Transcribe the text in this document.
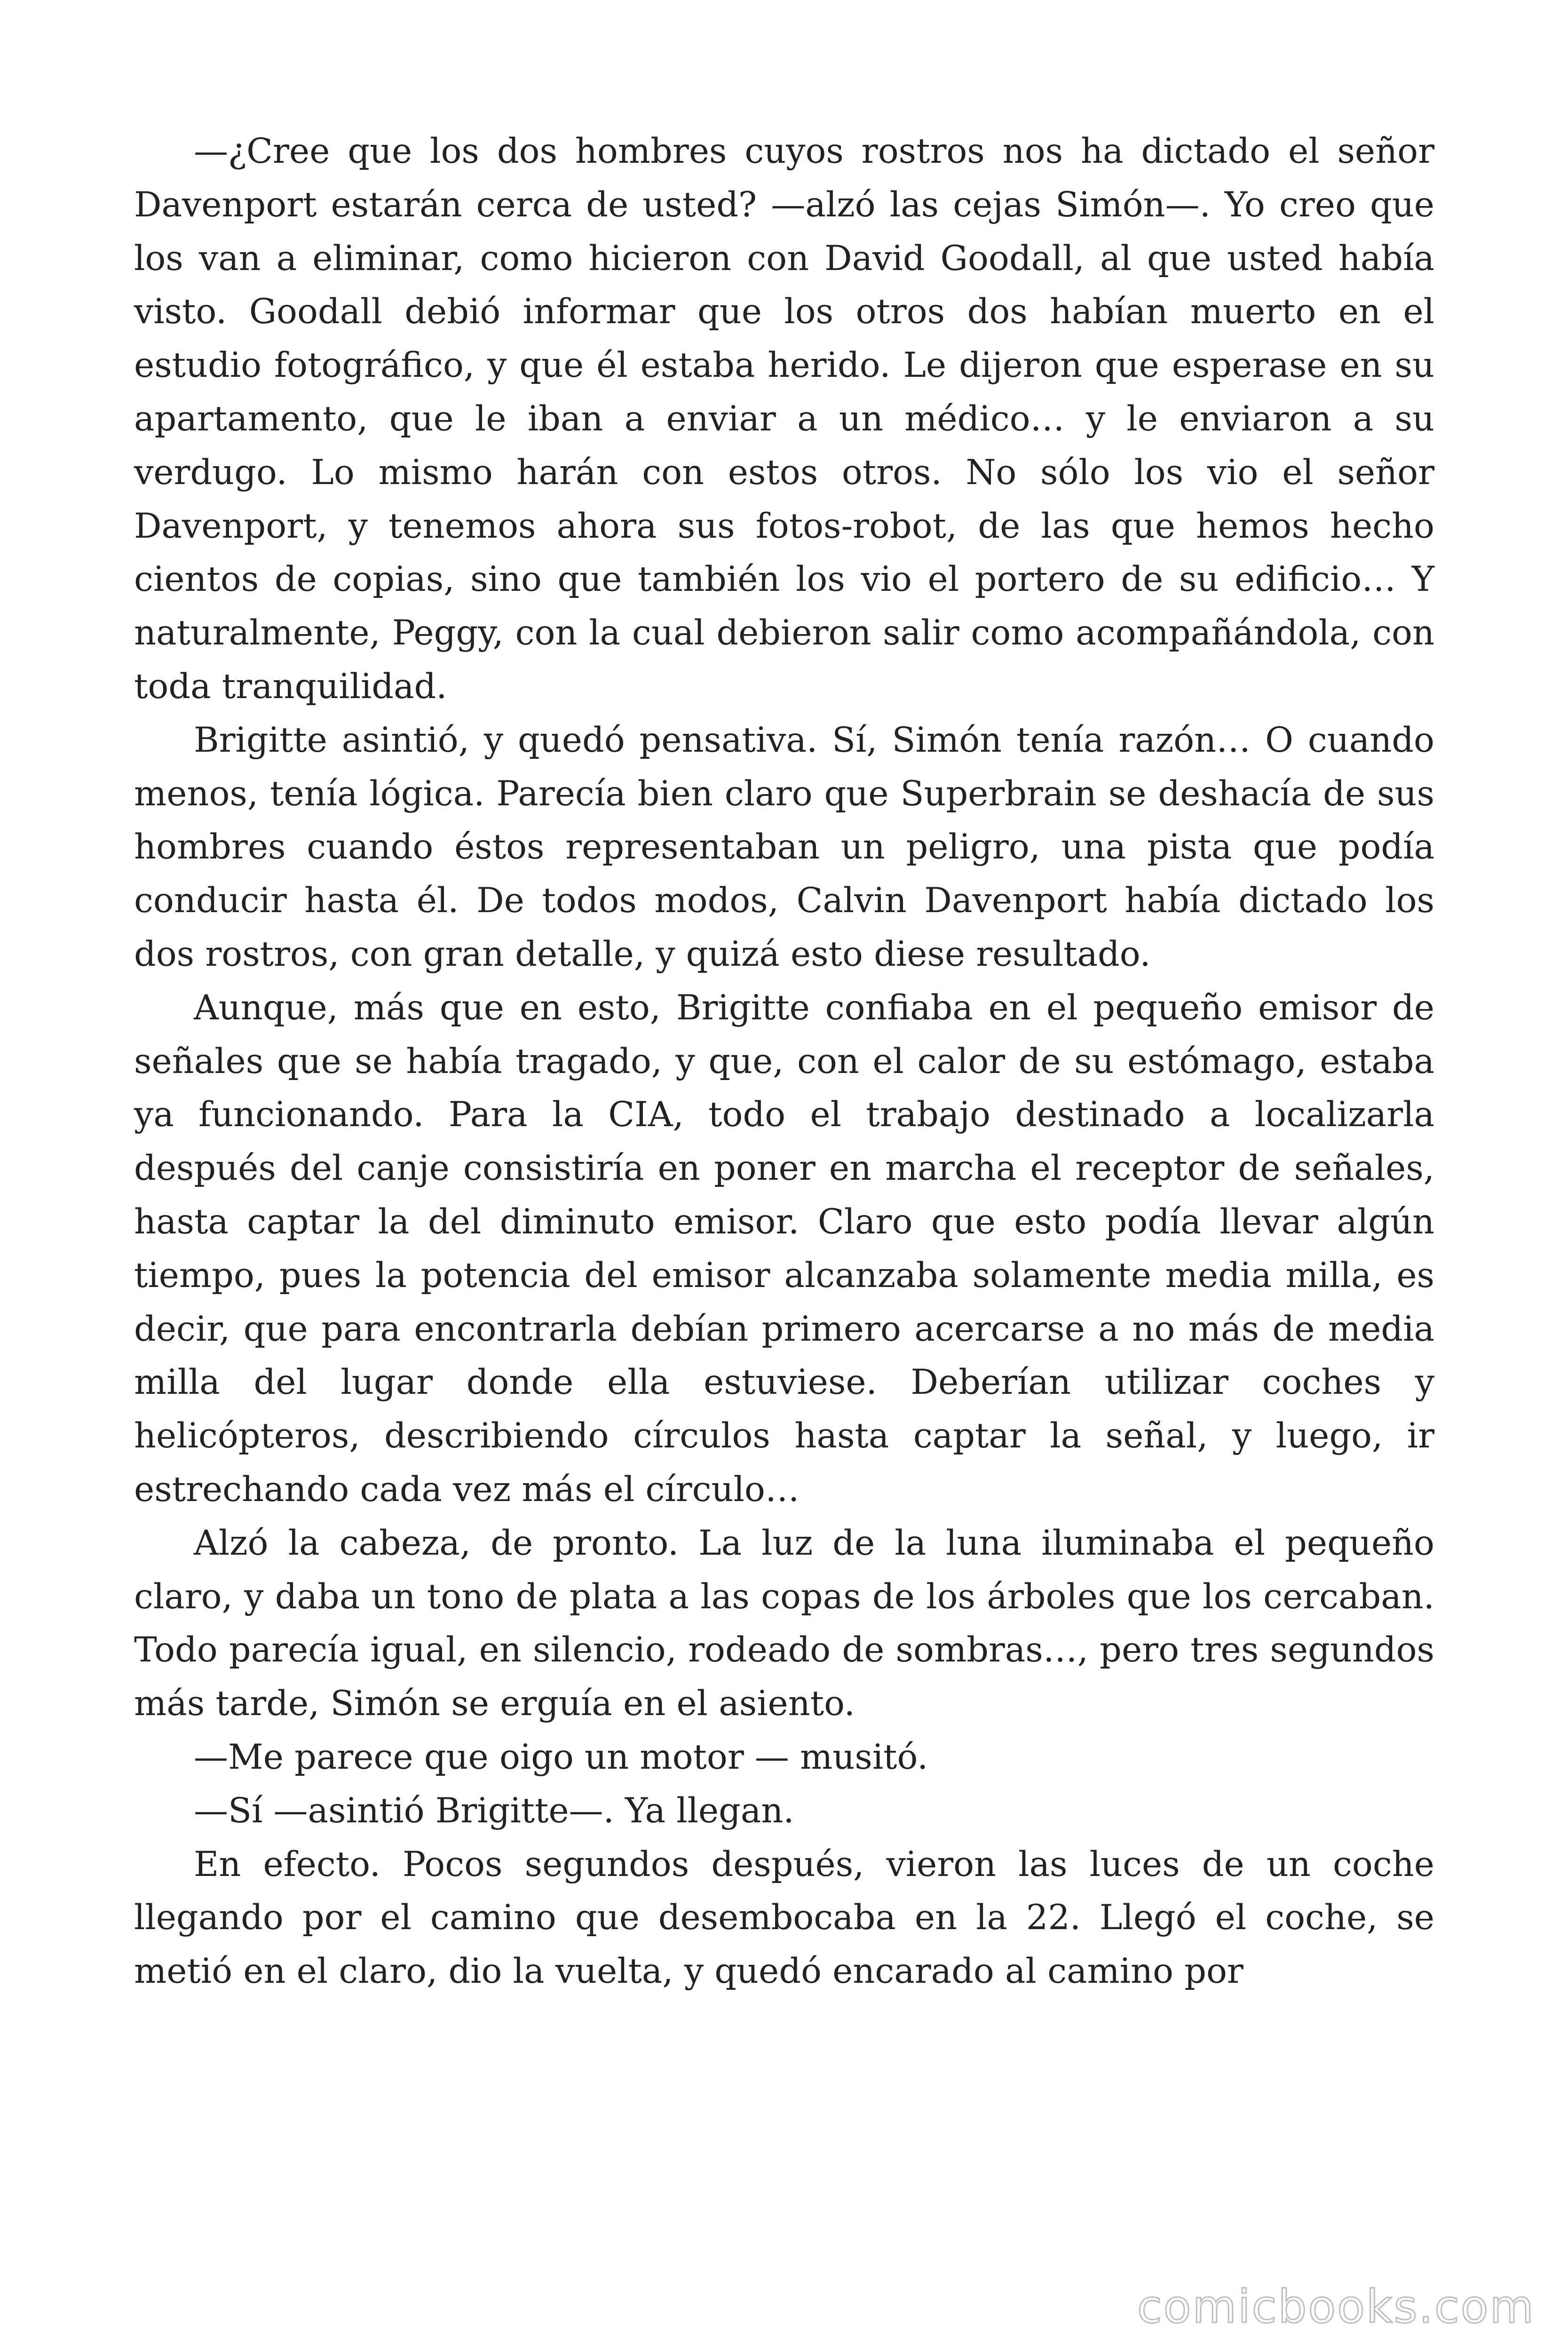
—¿Cree que los dos hombres cuyos rostros nos ha dictado el señor Davenport estarán cerca de usted? —alzó las cejas Simón—. Yo creo que los van a eliminar, como hicieron con David Goodall, al que usted había visto. Goodall debió informar que los otros dos habían muerto en el estudio fotográfico, y que él estaba herido. Le dijeron que esperase en su apartamento, que le iban a enviar a un médico… y le enviaron a su verdugo. Lo mismo harán con estos otros. No sólo los vio el señor Davenport, y tenemos ahora sus fotos-robot, de las que hemos hecho cientos de copias, sino que también los vio el portero de su edificio… Y naturalmente, Peggy, con la cual debieron salir como acompañándola, con toda tranquilidad.

Brigitte asintió, y quedó pensativa. Sí, Simón tenía razón… O cuando menos, tenía lógica. Parecía bien claro que Superbrain se deshacía de sus hombres cuando éstos representaban un peligro, una pista que podía conducir hasta él. De todos modos, Calvin Davenport había dictado los dos rostros, con gran detalle, y quizá esto diese resultado.

Aunque, más que en esto, Brigitte confiaba en el pequeño emisor de señales que se había tragado, y que, con el calor de su estómago, estaba ya funcionando. Para la CIA, todo el trabajo destinado a localizarla después del canje consistiría en poner en marcha el receptor de señales, hasta captar la del diminuto emisor. Claro que esto podía llevar algún tiempo, pues la potencia del emisor alcanzaba solamente media milla, es decir, que para encontrarla debían primero acercarse a no más de media milla del lugar donde ella estuviese. Deberían utilizar coches y helicópteros, describiendo círculos hasta captar la señal, y luego, ir estrechando cada vez más el círculo…

Alzó la cabeza, de pronto. La luz de la luna iluminaba el pequeño claro, y daba un tono de plata a las copas de los árboles que los cercaban. Todo parecía igual, en silencio, rodeado de sombras…, pero tres segundos más tarde, Simón se erguía en el asiento.

—Me parece que oigo un motor — musitó.

—Sí —asintió Brigitte—. Ya llegan.

En efecto. Pocos segundos después, vieron las luces de un coche llegando por el camino que desembocaba en la 22. Llegó el coche, se metió en el claro, dio la vuelta, y quedó encarado al camino por

comicbooks.com
